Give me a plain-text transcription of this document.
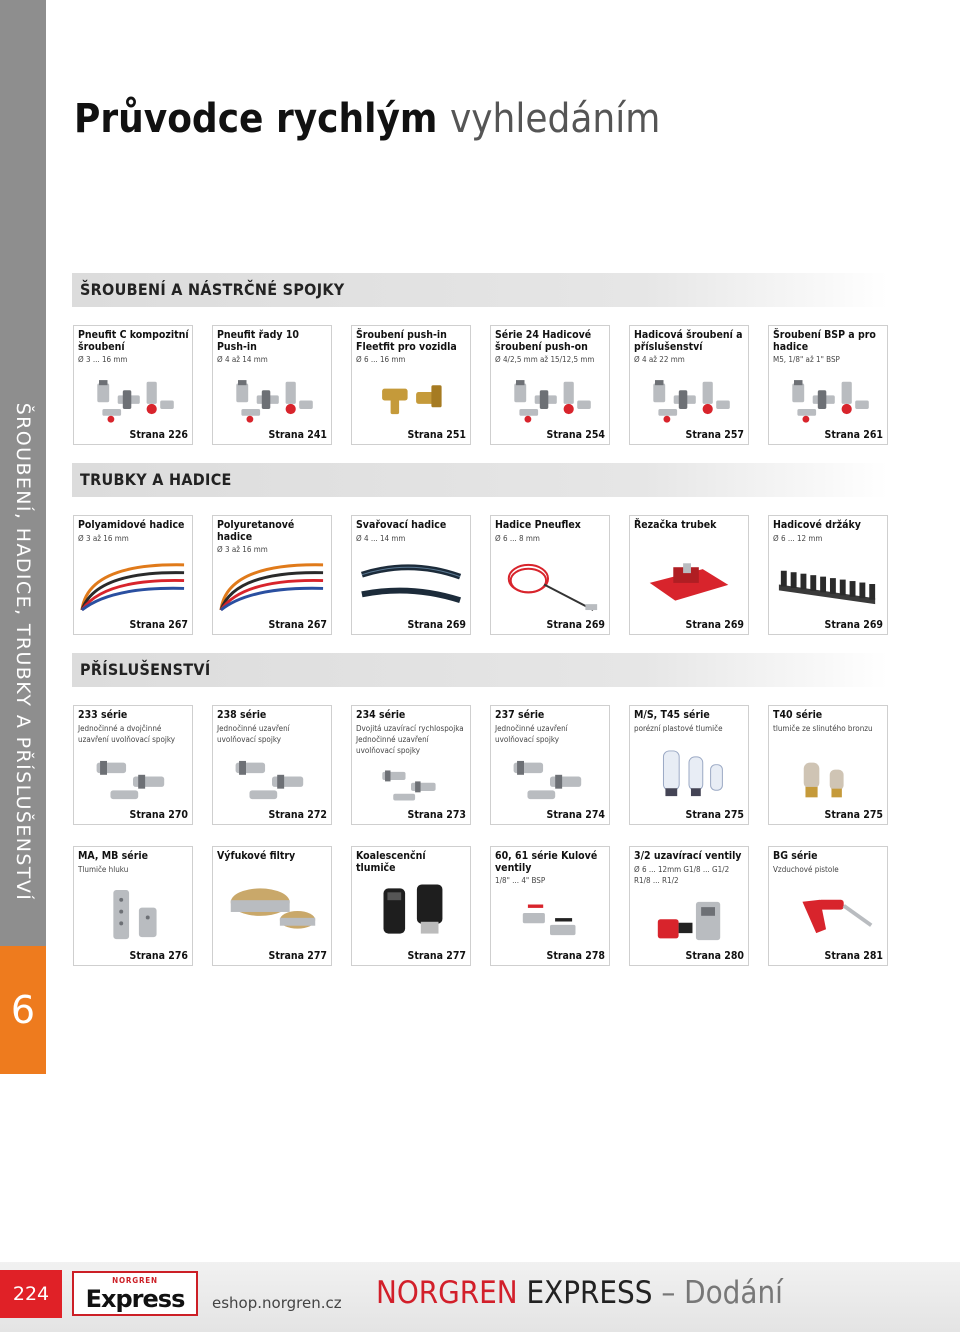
ŠROUBENÍ, HADICE, TRUBKY A PŘÍSLUŠENSTVÍ
6
Průvodce rychlým vyhledáním
ŠROUBENÍ A NÁSTRČNÉ SPOJKY
TRUBKY A HADICE
PŘÍSLUŠENSTVÍ
Pneufit C kompozitní šroubení
Ø 3 ... 16 mm
Strana 226
Pneufit řady 10 Push-in
Ø 4 až 14 mm
Strana 241
Šroubení push-in Fleetfit pro vozidla
Ø 6 ... 16 mm
Strana 251
Série 24 Hadicové šroubení push-on
Ø 4/2,5 mm až 15/12,5 mm
Strana 254
Hadicová šroubení a příslušenství
Ø 4 až 22 mm
Strana 257
Šroubení BSP a pro hadice
M5, 1/8" až 1" BSP
Strana 261
Polyamidové hadice
Ø 3 až 16 mm
Strana 267
Polyuretanové hadice
Ø 3 až 16 mm
Strana 267
Svařovací hadice
Ø 4 ... 14 mm
Strana 269
Hadice Pneuflex
Ø 6 ... 8 mm
Strana 269
Řezačka trubek
Strana 269
Hadicové držáky
Ø 6 ... 12 mm
Strana 269
233 série
Jednočinné a dvojčinné uzavření uvolňovací spojky
Strana 270
238 série
Jednočinné uzavření uvolňovací spojky
Strana 272
234 série
Dvojitá uzavírací rychlospojka Jednočinné uzavření uvolňovací spojky
Strana 273
237 série
Jednočinné uzavření uvolňovací spojky
Strana 274
M/S, T45 série
porézní plastové tlumiče
Strana 275
T40 série
tlumiče ze slinutého bronzu
Strana 275
MA, MB série
Tlumiče hluku
Strana 276
Výfukové filtry
Strana 277
Koalescenční tlumiče
Strana 277
60, 61 série Kulové ventily
1/8" ... 4" BSP
Strana 278
3/2 uzavírací ventily
Ø 6 ... 12mm G1/8 ... G1/2 R1/8 ... R1/2
Strana 280
BG série
Vzduchové pistole
Strana 281
224
NORGREN
Express	eshop.norgren.cz NORGREN EXPRESS – Dodání
